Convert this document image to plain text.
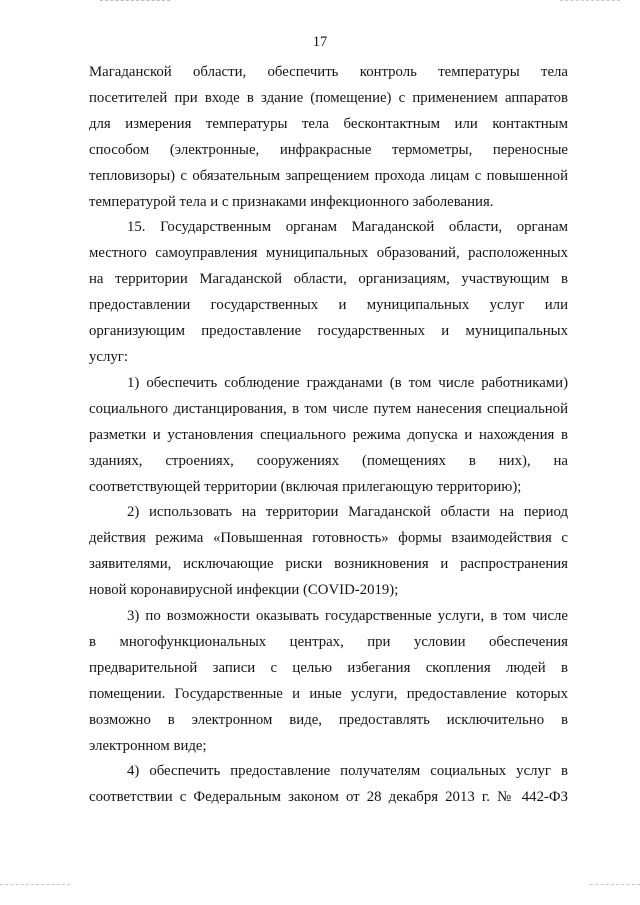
17

Магаданской области, обеспечить контроль температуры тела
посетителей при входе в здание (помещение) с применением аппаратов
для измерения температуры тела бесконтактным или контактным
способом (электронные, инфракрасные термометры, переносные
тепловизоры) с обязательным запрещением прохода лицам с повышенной
температурой тела и с признаками инфекционного заболевания.

15. Государственным органам Магаданской области, органам
местного самоуправления муниципальных образований, расположенных
на территории Магаданской области, организациям, участвующим в
предоставлении государственных и муниципальных услуг или
организующим предоставление государственных и муниципальных
услуг:

1) обеспечить соблюдение гражданами (в том числе работниками)
социального дистанцирования, в том числе путем нанесения специальной
разметки и установления специального режима допуска и нахождения в
зданиях, строениях, сооружениях (помещениях в них), на
соответствующей территории (включая прилегающую территорию);

2) использовать на территории Магаданской области на период
действия режима «Повышенная готовность» формы взаимодействия с
заявителями, исключающие риски возникновения и распространения
новой коронавирусной инфекции (COVID-2019);

3) по возможности оказывать государственные услуги, в том числе
в многофункциональных центрах, при условии обеспечения
предварительной записи с целью избегания скопления людей в
помещении. Государственные и иные услуги, предоставление которых
возможно в электронном виде, предоставлять исключительно в
электронном виде;

4) обеспечить предоставление получателям социальных услуг в
соответствии с Федеральным законом от 28 декабря 2013 г. № 442-ФЗ
